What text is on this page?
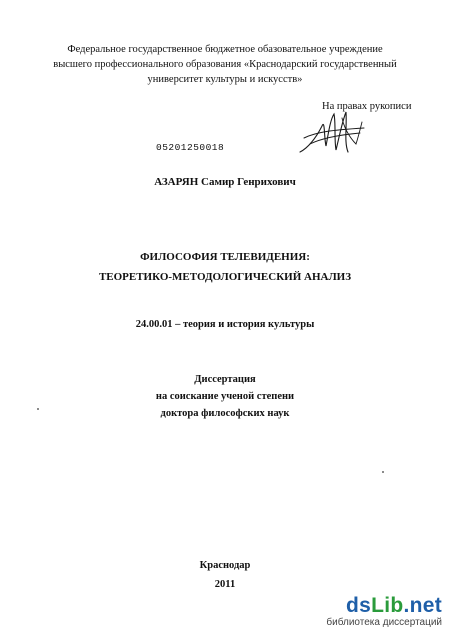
Федеральное государственное бюджетное обазовательное учреждение
высшего профессионального образования «Краснодарский государственный
университет культуры и искусств»
На правах рукописи
05201250018
АЗАРЯН Самир Генрихович
ФИЛОСОФИЯ ТЕЛЕВИДЕНИЯ:
ТЕОРЕТИКО-МЕТОДОЛОГИЧЕСКИЙ АНАЛИЗ
24.00.01 – теория и история культуры
Диссертация
на соискание ученой степени
доктора философских наук
Краснодар
2011
dsLib.net
библиотека диссертаций
